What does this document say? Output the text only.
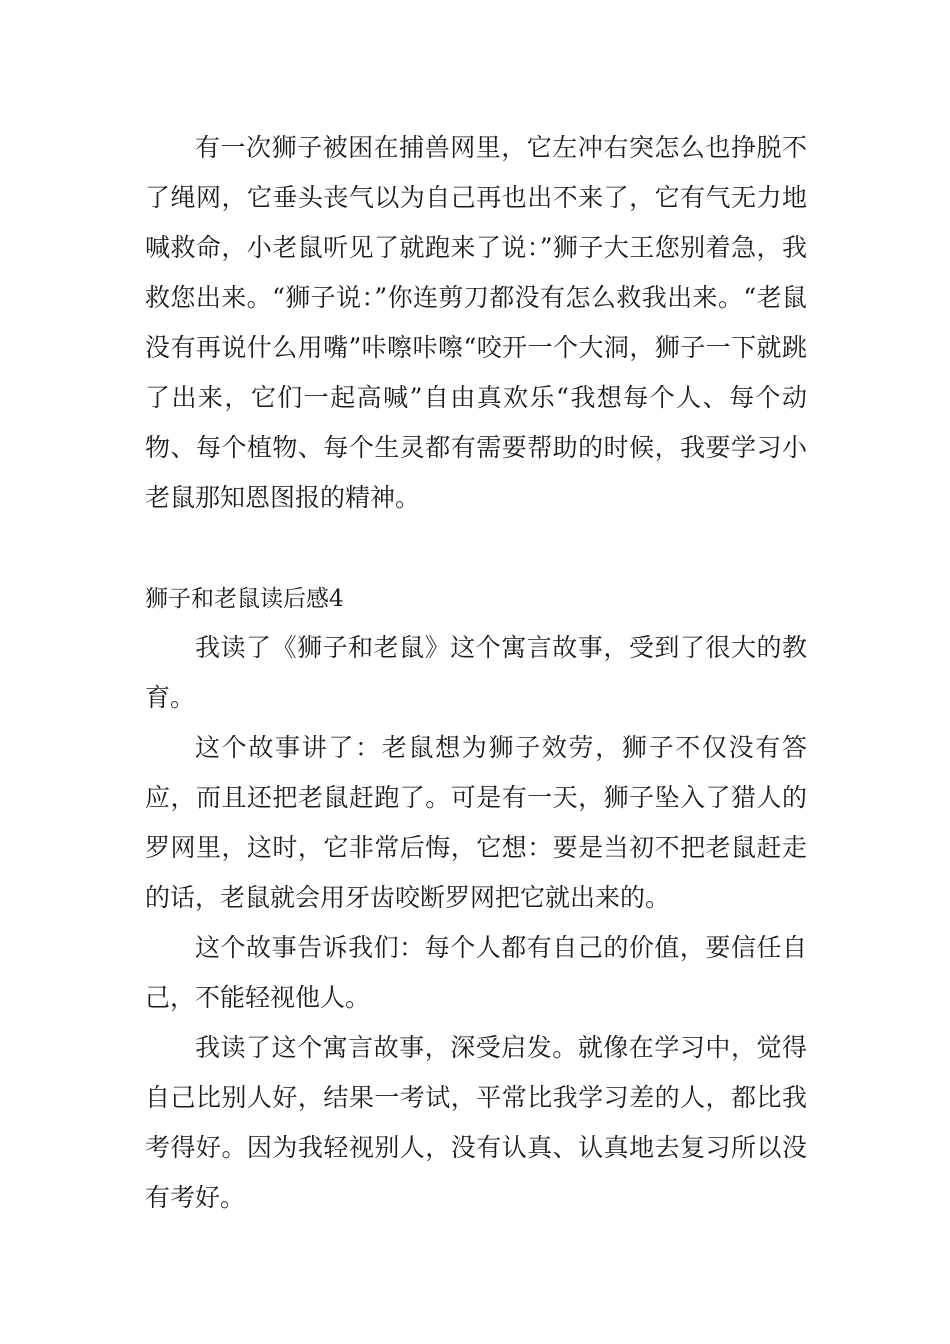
有一次狮子被困在捕兽网里，它左冲右突怎么也挣脱不了绳网，它垂头丧气以为自己再也出不来了，它有气无力地喊救命，小老鼠听见了就跑来了说：”狮子大王您别着急，我救您出来。“狮子说：”你连剪刀都没有怎么救我出来。“老鼠没有再说什么用嘴”咔嚓咔嚓“咬开一个大洞，狮子一下就跳了出来，它们一起高喊”自由真欢乐“我想每个人、每个动物、每个植物、每个生灵都有需要帮助的时候，我要学习小老鼠那知恩图报的精神。

狮子和老鼠读后感4

我读了《狮子和老鼠》这个寓言故事，受到了很大的教育。

这个故事讲了：老鼠想为狮子效劳，狮子不仅没有答应，而且还把老鼠赶跑了。可是有一天，狮子坠入了猎人的罗网里，这时，它非常后悔，它想：要是当初不把老鼠赶走的话，老鼠就会用牙齿咬断罗网把它就出来的。

这个故事告诉我们：每个人都有自己的价值，要信任自己，不能轻视他人。

我读了这个寓言故事，深受启发。就像在学习中，觉得自己比别人好，结果一考试，平常比我学习差的人，都比我考得好。因为我轻视别人，没有认真、认真地去复习所以没有考好。
